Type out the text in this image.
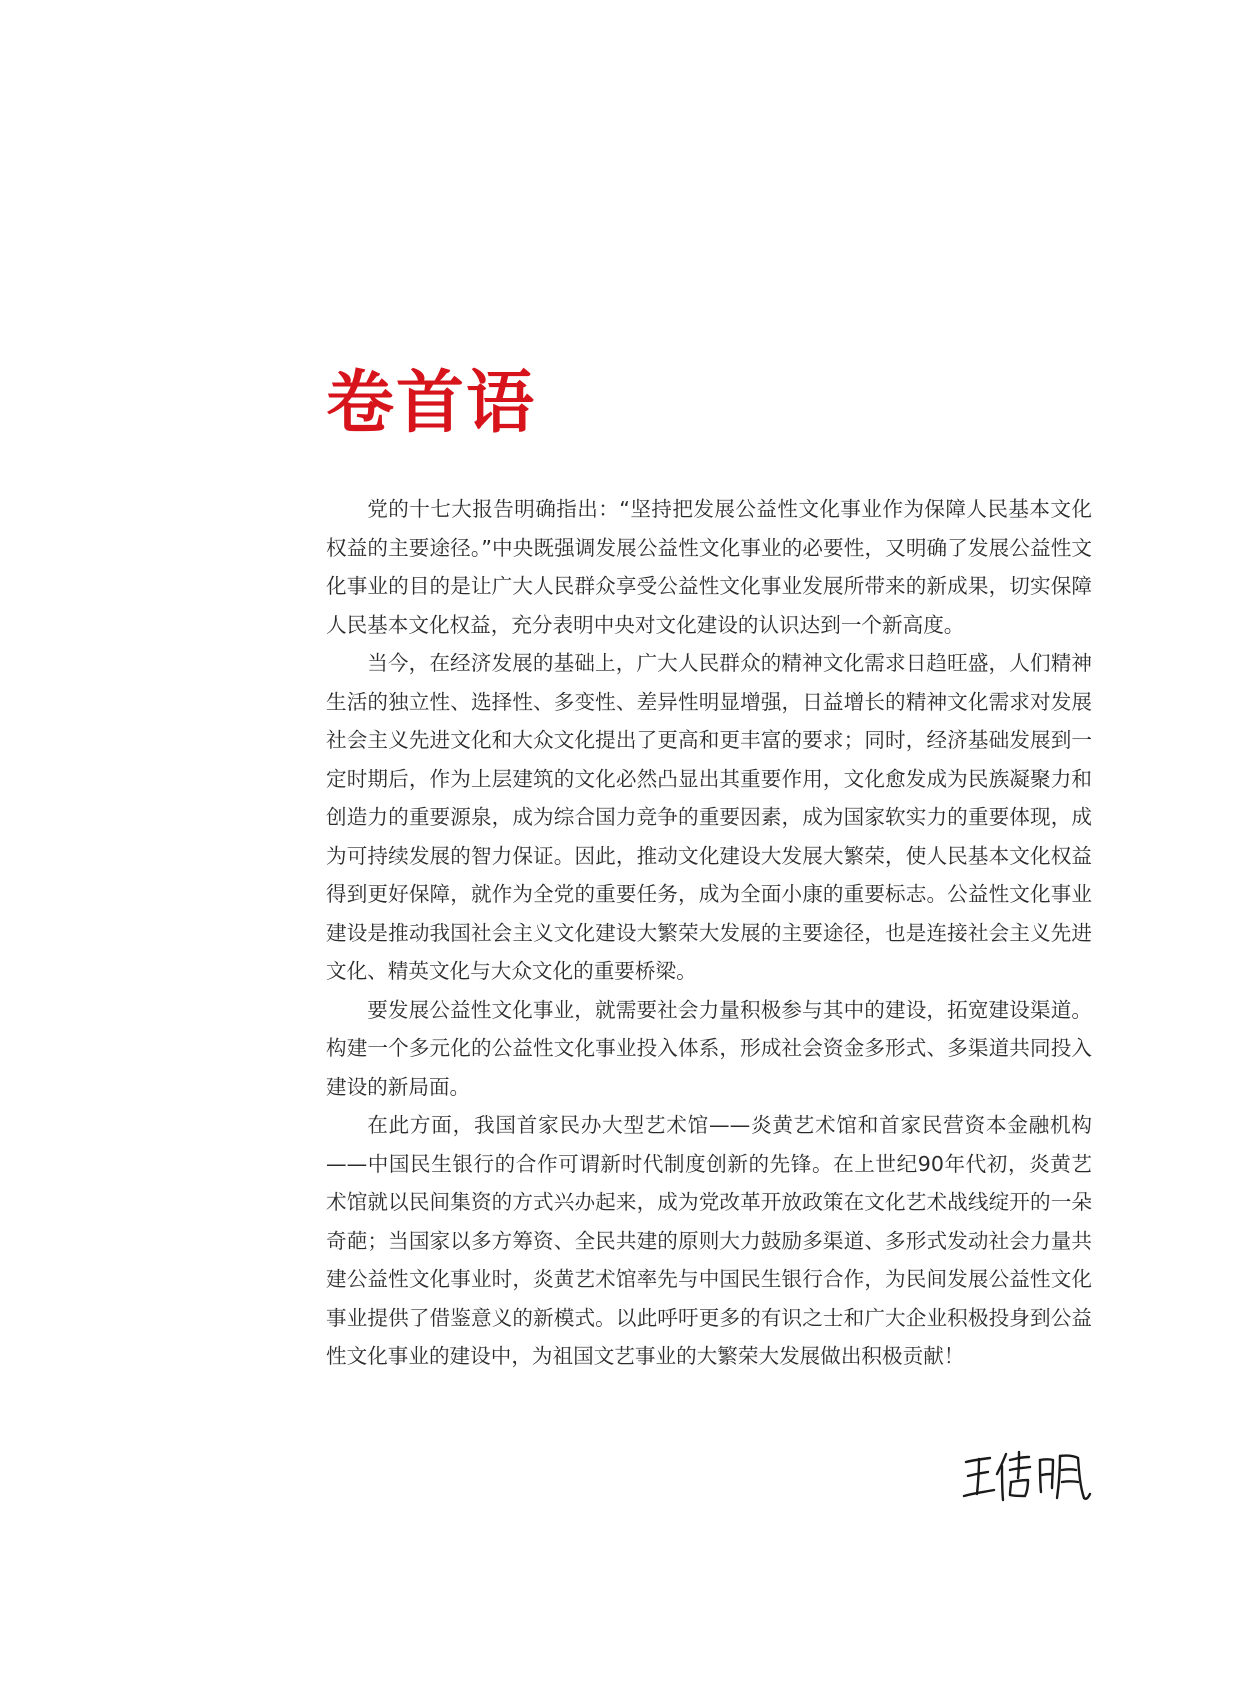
卷首语

党的十七大报告明确指出：“坚持把发展公益性文化事业作为保障人民基本文化权益的主要途径。”中央既强调发展公益性文化事业的必要性，又明确了发展公益性文化事业的目的是让广大人民群众享受公益性文化事业发展所带来的新成果，切实保障人民基本文化权益，充分表明中央对文化建设的认识达到一个新高度。

当今，在经济发展的基础上，广大人民群众的精神文化需求日趋旺盛，人们精神生活的独立性、选择性、多变性、差异性明显增强，日益增长的精神文化需求对发展社会主义先进文化和大众文化提出了更高和更丰富的要求；同时，经济基础发展到一定时期后，作为上层建筑的文化必然凸显出其重要作用，文化愈发成为民族凝聚力和创造力的重要源泉，成为综合国力竞争的重要因素，成为国家软实力的重要体现，成为可持续发展的智力保证。因此，推动文化建设大发展大繁荣，使人民基本文化权益得到更好保障，就作为全党的重要任务，成为全面小康的重要标志。公益性文化事业建设是推动我国社会主义文化建设大繁荣大发展的主要途径，也是连接社会主义先进文化、精英文化与大众文化的重要桥梁。

要发展公益性文化事业，就需要社会力量积极参与其中的建设，拓宽建设渠道。构建一个多元化的公益性文化事业投入体系，形成社会资金多形式、多渠道共同投入建设的新局面。

在此方面，我国首家民办大型艺术馆——炎黄艺术馆和首家民营资本金融机构——中国民生银行的合作可谓新时代制度创新的先锋。在上世纪90年代初，炎黄艺术馆就以民间集资的方式兴办起来，成为党改革开放政策在文化艺术战线绽开的一朵奇葩；当国家以多方筹资、全民共建的原则大力鼓励多渠道、多形式发动社会力量共建公益性文化事业时，炎黄艺术馆率先与中国民生银行合作，为民间发展公益性文化事业提供了借鉴意义的新模式。以此呼吁更多的有识之士和广大企业积极投身到公益性文化事业的建设中，为祖国文艺事业的大繁荣大发展做出积极贡献！
